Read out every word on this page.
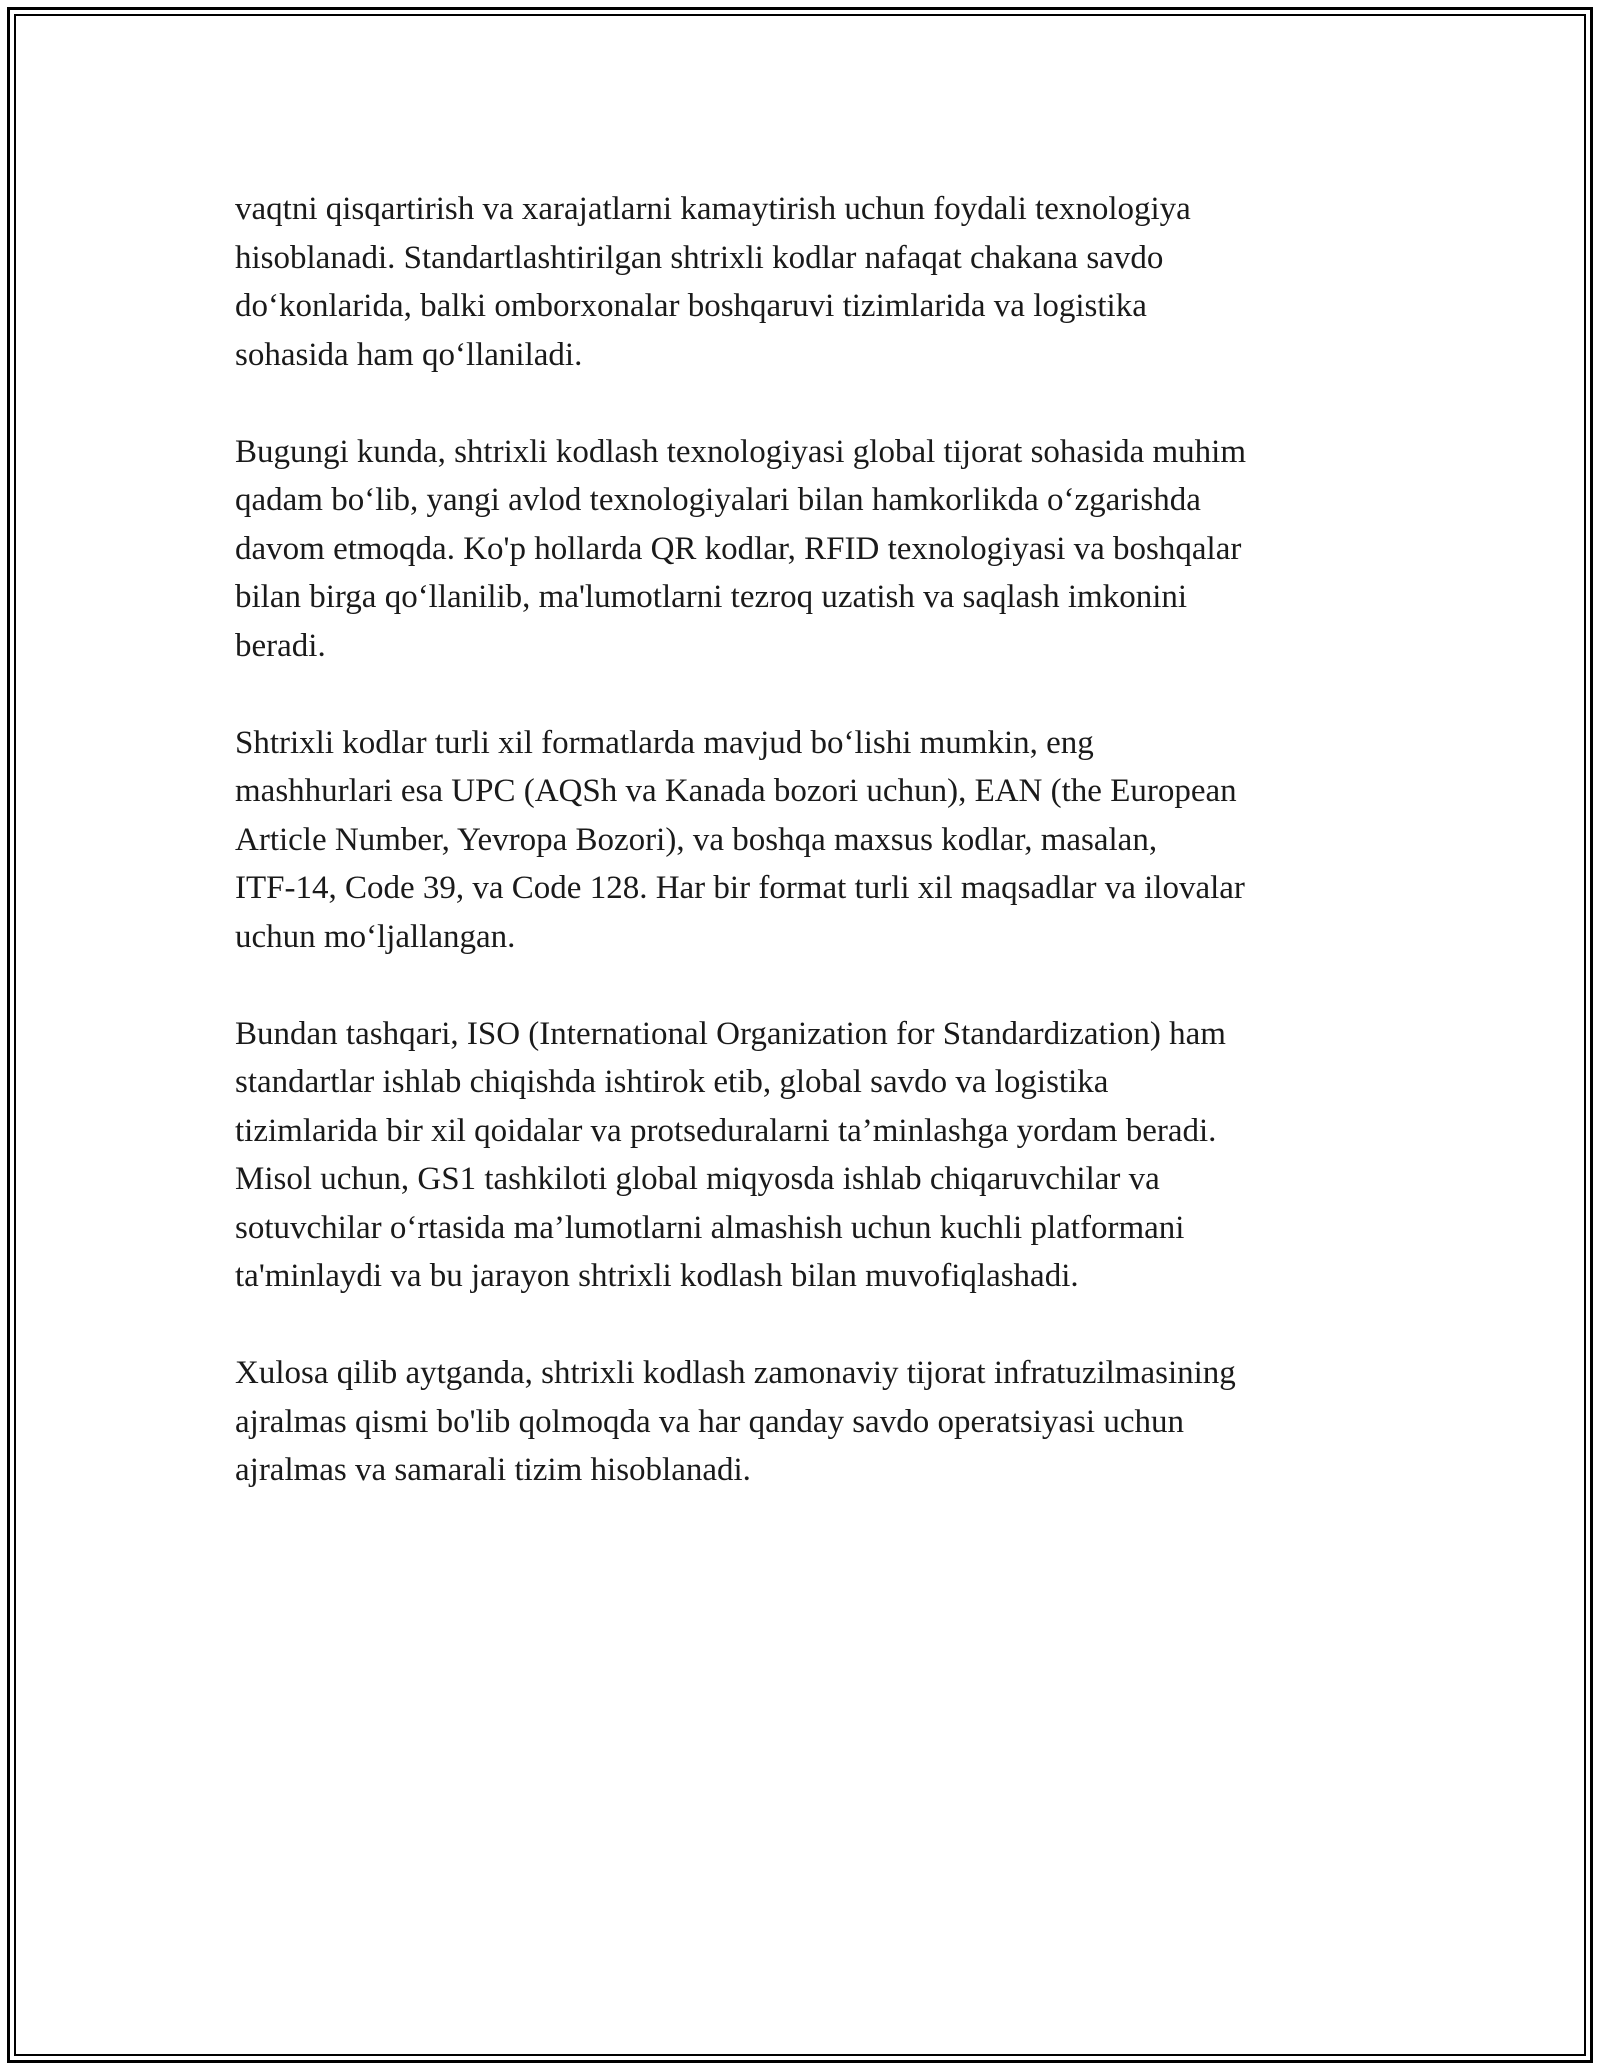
vaqtni qisqartirish va xarajatlarni kamaytirish uchun foydali texnologiya
hisoblanadi. Standartlashtirilgan shtrixli kodlar nafaqat chakana savdo
do‘konlarida, balki omborxonalar boshqaruvi tizimlarida va logistika
sohasida ham qo‘llaniladi.

Bugungi kunda, shtrixli kodlash texnologiyasi global tijorat sohasida muhim
qadam bo‘lib, yangi avlod texnologiyalari bilan hamkorlikda o‘zgarishda
davom etmoqda. Ko'p hollarda QR kodlar, RFID texnologiyasi va boshqalar
bilan birga qo‘llanilib, ma'lumotlarni tezroq uzatish va saqlash imkonini
beradi.

Shtrixli kodlar turli xil formatlarda mavjud bo‘lishi mumkin, eng
mashhurlari esa UPC (AQSh va Kanada bozori uchun), EAN (the European
Article Number, Yevropa Bozori), va boshqa maxsus kodlar, masalan,
ITF-14, Code 39, va Code 128. Har bir format turli xil maqsadlar va ilovalar
uchun mo‘ljallangan.

Bundan tashqari, ISO (International Organization for Standardization) ham
standartlar ishlab chiqishda ishtirok etib, global savdo va logistika
tizimlarida bir xil qoidalar va protseduralarni ta’minlashga yordam beradi.
Misol uchun, GS1 tashkiloti global miqyosda ishlab chiqaruvchilar va
sotuvchilar o‘rtasida ma’lumotlarni almashish uchun kuchli platformani
ta'minlaydi va bu jarayon shtrixli kodlash bilan muvofiqlashadi.

Xulosa qilib aytganda, shtrixli kodlash zamonaviy tijorat infratuzilmasining
ajralmas qismi bo'lib qolmoqda va har qanday savdo operatsiyasi uchun
ajralmas va samarali tizim hisoblanadi.
